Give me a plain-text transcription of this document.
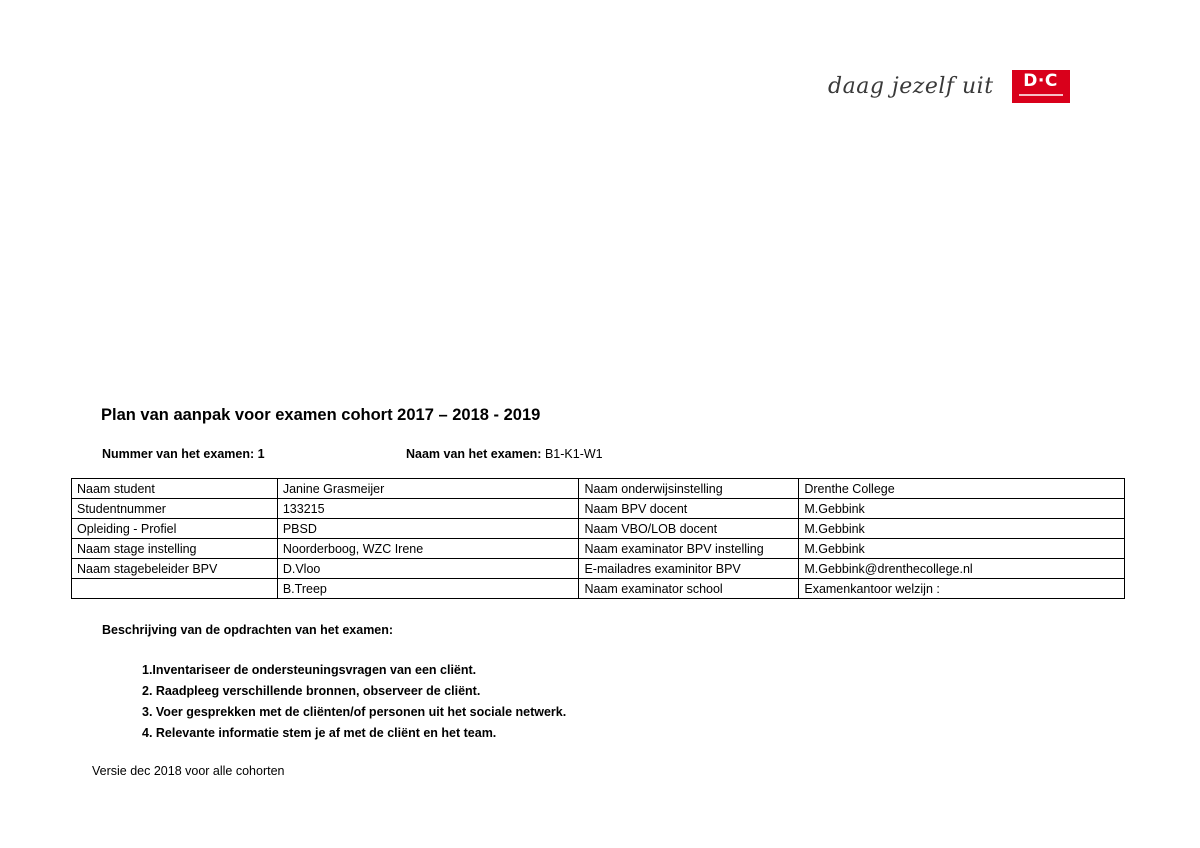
daag jezelf uit D·C
Plan van aanpak voor examen cohort 2017 – 2018 - 2019
Nummer van het examen: 1	Naam van het examen: B1-K1-W1
Naam student	Janine Grasmeijer	Naam onderwijsinstelling	Drenthe College
Studentnummer	133215	Naam BPV docent	M.Gebbink
Opleiding - Profiel	PBSD	Naam VBO/LOB docent	M.Gebbink
Naam stage instelling	Noorderboog, WZC Irene	Naam examinator BPV instelling	M.Gebbink
Naam stagebeleider BPV	D.Vloo	E-mailadres examinitor BPV	M.Gebbink@drenthecollege.nl
	B.Treep	Naam examinator school	Examenkantoor welzijn :
Beschrijving van de opdrachten van het examen:
1.Inventariseer de ondersteuningsvragen van een cliënt.
2. Raadpleeg verschillende bronnen, observeer de cliënt.
3. Voer gesprekken met de cliënten/of personen uit het sociale netwerk.
4. Relevante informatie stem je af met de cliënt en het team.
Versie dec 2018 voor alle cohorten
